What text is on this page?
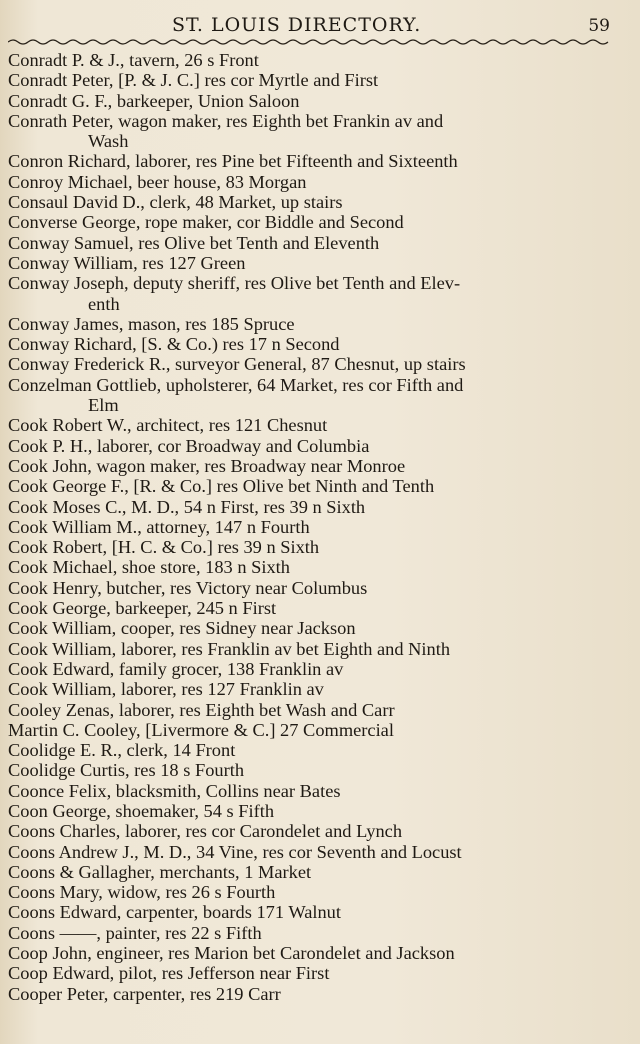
ST. LOUIS DIRECTORY.	59
Conradt P. & J., tavern, 26 s Front
Conradt Peter, [P. & J. C.] res cor Myrtle and First
Conradt G. F., barkeeper, Union Saloon
Conrath Peter, wagon maker, res Eighth bet Frankin av and
Wash
Conron Richard, laborer, res Pine bet Fifteenth and Sixteenth
Conroy Michael, beer house, 83 Morgan
Consaul David D., clerk, 48 Market, up stairs
Converse George, rope maker, cor Biddle and Second
Conway Samuel, res Olive bet Tenth and Eleventh
Conway William, res 127 Green
Conway Joseph, deputy sheriff, res Olive bet Tenth and Elev-
enth
Conway James, mason, res 185 Spruce
Conway Richard, [S. & Co.) res 17 n Second
Conway Frederick R., surveyor General, 87 Chesnut, up stairs
Conzelman Gottlieb, upholsterer, 64 Market, res cor Fifth and
Elm
Cook Robert W., architect, res 121 Chesnut
Cook P. H., laborer, cor Broadway and Columbia
Cook John, wagon maker, res Broadway near Monroe
Cook George F., [R. & Co.] res Olive bet Ninth and Tenth
Cook Moses C., M. D., 54 n First, res 39 n Sixth
Cook William M., attorney, 147 n Fourth
Cook Robert, [H. C. & Co.] res 39 n Sixth
Cook Michael, shoe store, 183 n Sixth
Cook Henry, butcher, res Victory near Columbus
Cook George, barkeeper, 245 n First
Cook William, cooper, res Sidney near Jackson
Cook William, laborer, res Franklin av bet Eighth and Ninth
Cook Edward, family grocer, 138 Franklin av
Cook William, laborer, res 127 Franklin av
Cooley Zenas, laborer, res Eighth bet Wash and Carr
Martin C. Cooley, [Livermore & C.] 27 Commercial
Coolidge E. R., clerk, 14 Front
Coolidge Curtis, res 18 s Fourth
Coonce Felix, blacksmith, Collins near Bates
Coon George, shoemaker, 54 s Fifth
Coons Charles, laborer, res cor Carondelet and Lynch
Coons Andrew J., M. D., 34 Vine, res cor Seventh and Locust
Coons & Gallagher, merchants, 1 Market
Coons Mary, widow, res 26 s Fourth
Coons Edward, carpenter, boards 171 Walnut
Coons ——, painter, res 22 s Fifth
Coop John, engineer, res Marion bet Carondelet and Jackson
Coop Edward, pilot, res Jefferson near First
Cooper Peter, carpenter, res 219 Carr
